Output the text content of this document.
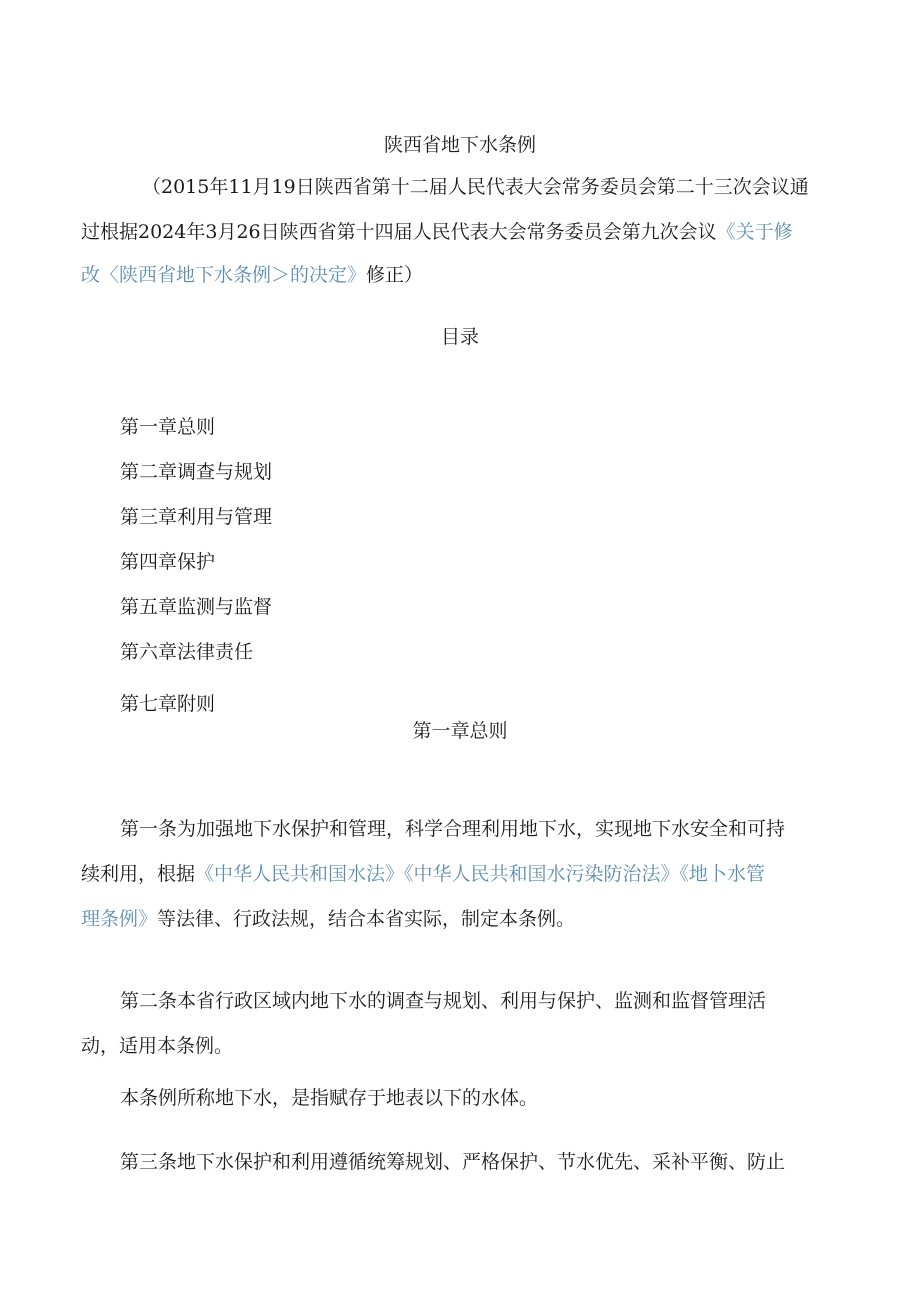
陕西省地下水条例
（2015年11月19日陕西省第十二届人民代表大会常务委员会第二十三次会议通
过根据2024年3月26日陕西省第十四届人民代表大会常务委员会第九次会议《关于修
改〈陕西省地下水条例＞的决定》修正）
目录
第一章总则
第二章调查与规划
第三章利用与管理
第四章保护
第五章监测与监督
第六章法律责任
第七章附则
第一章总则
第一条为加强地下水保护和管理，科学合理利用地下水，实现地下水安全和可持
续利用，根据《中华人民共和国水法》《中华人民共和国水污染防治法》《地卜水管
理条例》等法律、行政法规，结合本省实际，制定本条例。
第二条本省行政区域内地下水的调查与规划、利用与保护、监测和监督管理活
动，适用本条例。
本条例所称地下水，是指赋存于地表以下的水体。
第三条地下水保护和利用遵循统筹规划、严格保护、节水优先、采补平衡、防止
